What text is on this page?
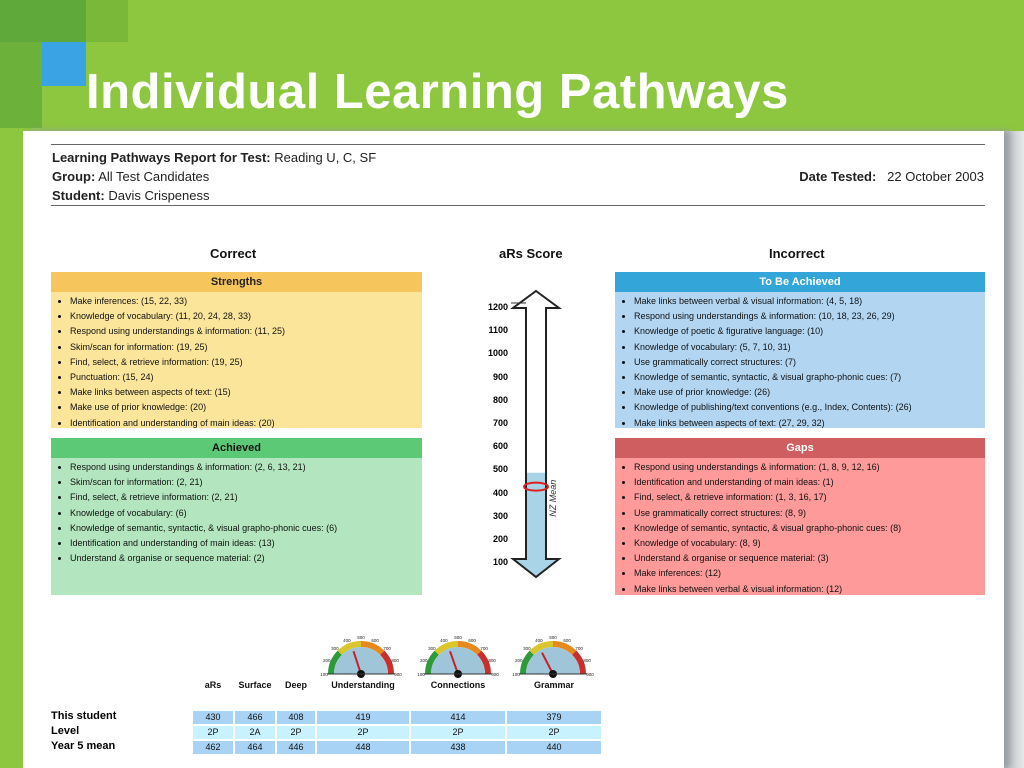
Individual Learning Pathways
Learning Pathways Report for Test: Reading U, C, SF
Group: All Test Candidates
Student: Davis Crispeness
Date Tested: 22 October 2003
Correct	aRs Score	Incorrect
Strengths
• Make inferences: (15, 22, 33)
• Knowledge of vocabulary: (11, 20, 24, 28, 33)
• Respond using understandings & information: (11, 25)
• Skim/scan for information: (19, 25)
• Find, select, & retrieve information: (19, 25)
• Punctuation: (15, 24)
• Make links between aspects of text: (15)
• Make use of prior knowledge: (20)
• Identification and understanding of main ideas: (20)
Achieved
• Respond using understandings & information: (2, 6, 13, 21)
• Skim/scan for information: (2, 21)
• Find, select, & retrieve information: (2, 21)
• Knowledge of vocabulary: (6)
• Knowledge of semantic, syntactic, & visual grapho-phonic cues: (6)
• Identification and understanding of main ideas: (13)
• Understand & organise or sequence material: (2)
To Be Achieved
• Make links between verbal & visual information: (4, 5, 18)
• Respond using understandings & information: (10, 18, 23, 26, 29)
• Knowledge of poetic & figurative language: (10)
• Knowledge of vocabulary: (5, 7, 10, 31)
• Use grammatically correct structures: (7)
• Knowledge of semantic, syntactic, & visual grapho-phonic cues: (7)
• Make use of prior knowledge: (26)
• Knowledge of publishing/text conventions (e.g., Index, Contents): (26)
• Make links between aspects of text: (27, 29, 32)
Gaps
• Respond using understandings & information: (1, 8, 9, 12, 16)
• Identification and understanding of main ideas: (1)
• Find, select, & retrieve information: (1, 3, 16, 17)
• Use grammatically correct structures: (8, 9)
• Knowledge of semantic, syntactic, & visual grapho-phonic cues: (8)
• Knowledge of vocabulary: (8, 9)
• Understand & organise or sequence material: (3)
• Make inferences: (12)
• Make links between verbal & visual information: (12)
1200
1100
1000
900
800
700
600
500
400
300
200
100
NZ Mean
100
200
300
400
500
600
700
800
900	100
200
300
400
500
600
700
800
900	100
200
300
400
500
600
700
800
900
aRs	Surface	Deep	Understanding	Connections	Grammar
This student	430	466	408	419	414	379
Level	2P	2A	2P	2P	2P	2P
Year 5 mean	462	464	446	448	438	440
